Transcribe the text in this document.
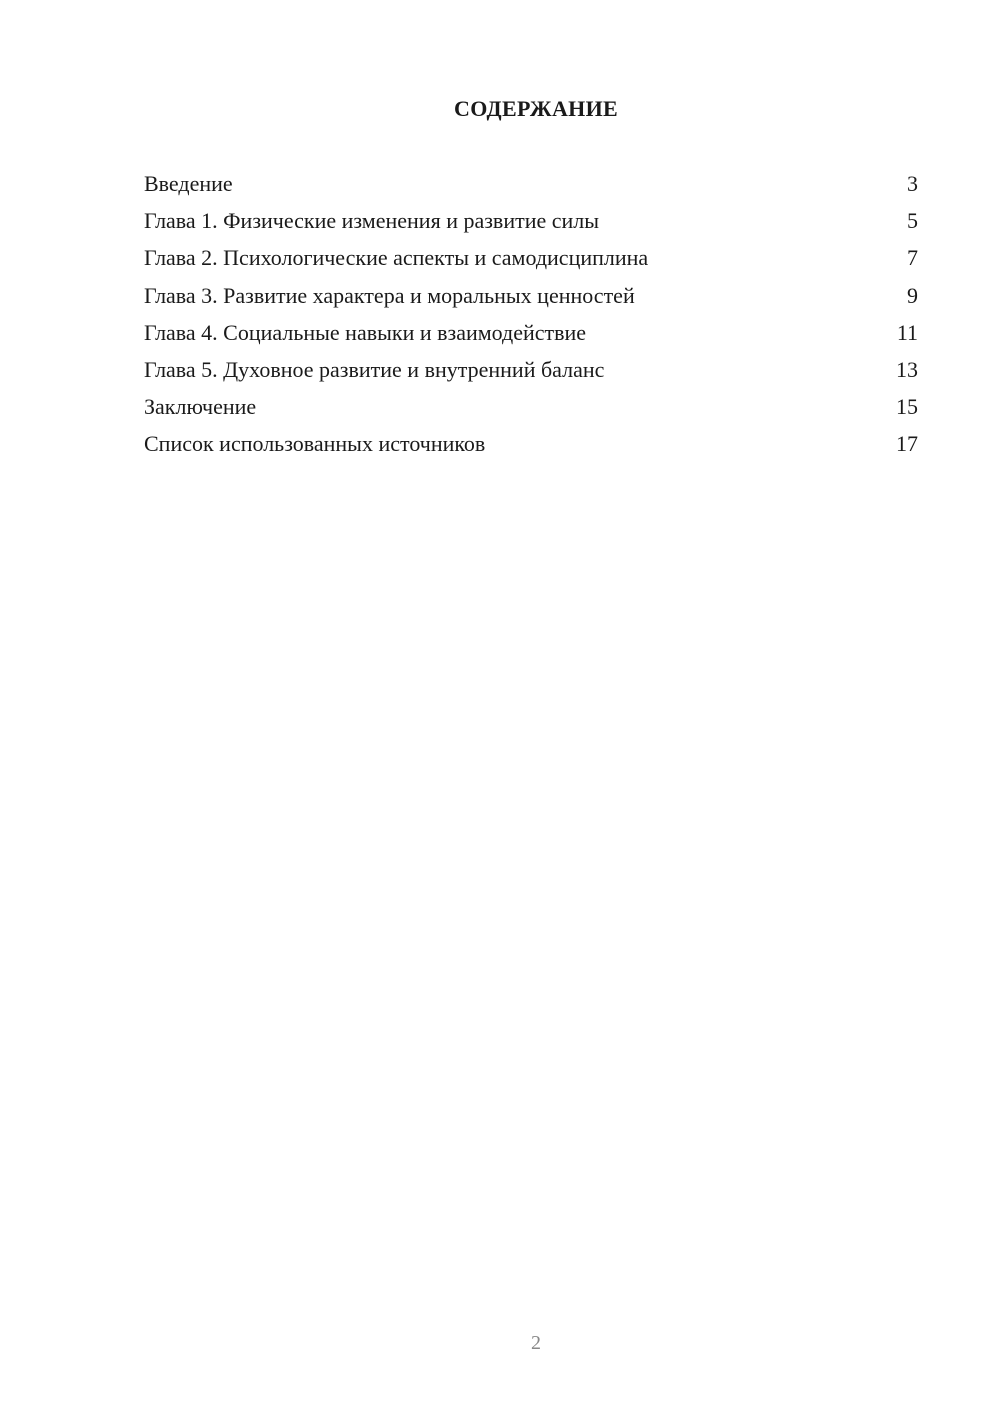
СОДЕРЖАНИЕ
Введение	3
Глава 1. Физические изменения и развитие силы	5
Глава 2. Психологические аспекты и самодисциплина	7
Глава 3. Развитие характера и моральных ценностей	9
Глава 4. Социальные навыки и взаимодействие	11
Глава 5. Духовное развитие и внутренний баланс	13
Заключение	15
Список использованных источников	17
2
